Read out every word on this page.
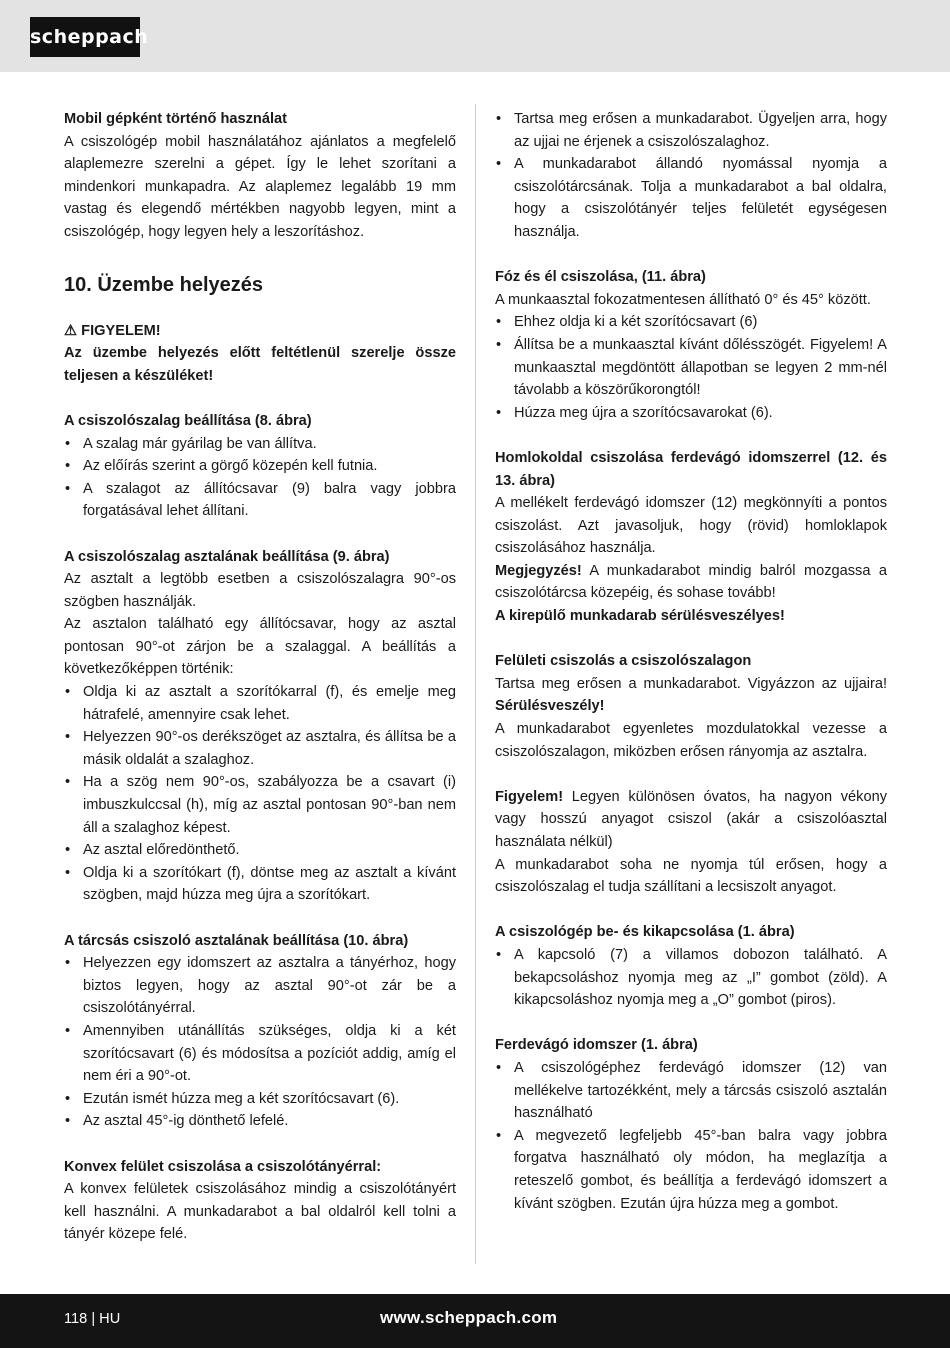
scheppach
Mobil gépként történő használat

A csiszológép mobil használatához ajánlatos a megfelelő alaplemezre szerelni a gépet. Így le lehet szorítani a mindenkori munkapadra. Az alaplemez legalább 19 mm vastag és elegendő mértékben nagyobb legyen, mint a csiszológép, hogy legyen hely a leszorításhoz.

10. Üzembe helyezés
⚠ FIGYELEM!

Az üzembe helyezés előtt feltétlenül szerelje össze teljesen a készüléket!

A csiszolószalag beállítása (8. ábra)
• A szalag már gyárilag be van állítva.
• Az előírás szerint a görgő közepén kell futnia.
• A szalagot az állítócsavar (9) balra vagy jobbra forgatásával lehet állítani.
A csiszolószalag asztalának beállítása (9. ábra)

Az asztalt a legtöbb esetben a csiszolószalagra 90°-os szögben használják.

Az asztalon található egy állítócsavar, hogy az asztal pontosan 90°-ot zárjon be a szalaggal. A beállítás a következőképpen történik:

• Oldja ki az asztalt a szorítókarral (f), és emelje meg hátrafelé, amennyire csak lehet.
• Helyezzen 90°-os derékszöget az asztalra, és állítsa be a másik oldalát a szalaghoz.
• Ha a szög nem 90°-os, szabályozza be a csavart (i) imbuszkulccsal (h), míg az asztal pontosan 90°-ban nem áll a szalaghoz képest.
• Az asztal előredönthető.
• Oldja ki a szorítókart (f), döntse meg az asztalt a kívánt szögben, majd húzza meg újra a szorítókart.
A tárcsás csiszoló asztalának beállítása (10. ábra)
• Helyezzen egy idomszert az asztalra a tányérhoz, hogy biztos legyen, hogy az asztal 90°-ot zár be a csiszolótányérral.
• Amennyiben utánállítás szükséges, oldja ki a két szorítócsavart (6) és módosítsa a pozíciót addig, amíg el nem éri a 90°-ot.
• Ezután ismét húzza meg a két szorítócsavart (6).
• Az asztal 45°-ig dönthető lefelé.
Konvex felület csiszolása a csiszolótányérral:

A konvex felületek csiszolásához mindig a csiszolótányért kell használni. A munkadarabot a bal oldalról kell tolni a tányér közepe felé.

• Tartsa meg erősen a munkadarabot. Ügyeljen arra, hogy az ujjai ne érjenek a csiszolószalaghoz.
• A munkadarabot állandó nyomással nyomja a csiszolótárcsának. Tolja a munkadarabot a bal oldalra, hogy a csiszolótányér teljes felületét egységesen használja.
Fóz és él csiszolása, (11. ábra)

A munkaasztal fokozatmentesen állítható 0° és 45° között.

• Ehhez oldja ki a két szorítócsavart (6)
• Állítsa be a munkaasztal kívánt dőlésszögét. Figyelem! A munkaasztal megdöntött állapotban se legyen 2 mm-nél távolabb a köszörűkorongtól!
• Húzza meg újra a szorítócsavarokat (6).
Homlokoldal csiszolása ferdevágó idomszerrel (12. és 13. ábra)

A mellékelt ferdevágó idomszer (12) megkönnyíti a pontos csiszolást. Azt javasoljuk, hogy (rövid) homloklapok csiszolásához használja.

Megjegyzés! A munkadarabot mindig balról mozgassa a csiszolótárcsa közepéig, és sohase tovább!

A kirepülő munkadarab sérülésveszélyes!

Felületi csiszolás a csiszolószalagon

Tartsa meg erősen a munkadarabot. Vigyázzon az ujjaira! Sérülésveszély!

A munkadarabot egyenletes mozdulatokkal vezesse a csiszolószalagon, miközben erősen rányomja az asztalra.

Figyelem! Legyen különösen óvatos, ha nagyon vékony vagy hosszú anyagot csiszol (akár a csiszolóasztal használata nélkül)

A munkadarabot soha ne nyomja túl erősen, hogy a csiszolószalag el tudja szállítani a lecsiszolt anyagot.

A csiszológép be- és kikapcsolása (1. ábra)
• A kapcsoló (7) a villamos dobozon található. A bekapcsoláshoz nyomja meg az „I” gombot (zöld). A kikapcsoláshoz nyomja meg a „O” gombot (piros).
Ferdevágó idomszer (1. ábra)
• A csiszológéphez ferdevágó idomszer (12) van mellékelve tartozékként, mely a tárcsás csiszoló asztalán használható
• A megvezető legfeljebb 45°-ban balra vagy jobbra forgatva használható oly módon, ha meglazítja a reteszelő gombot, és beállítja a ferdevágó idomszert a kívánt szögben. Ezután újra húzza meg a gombot.
118 | HU	www.scheppach.com
